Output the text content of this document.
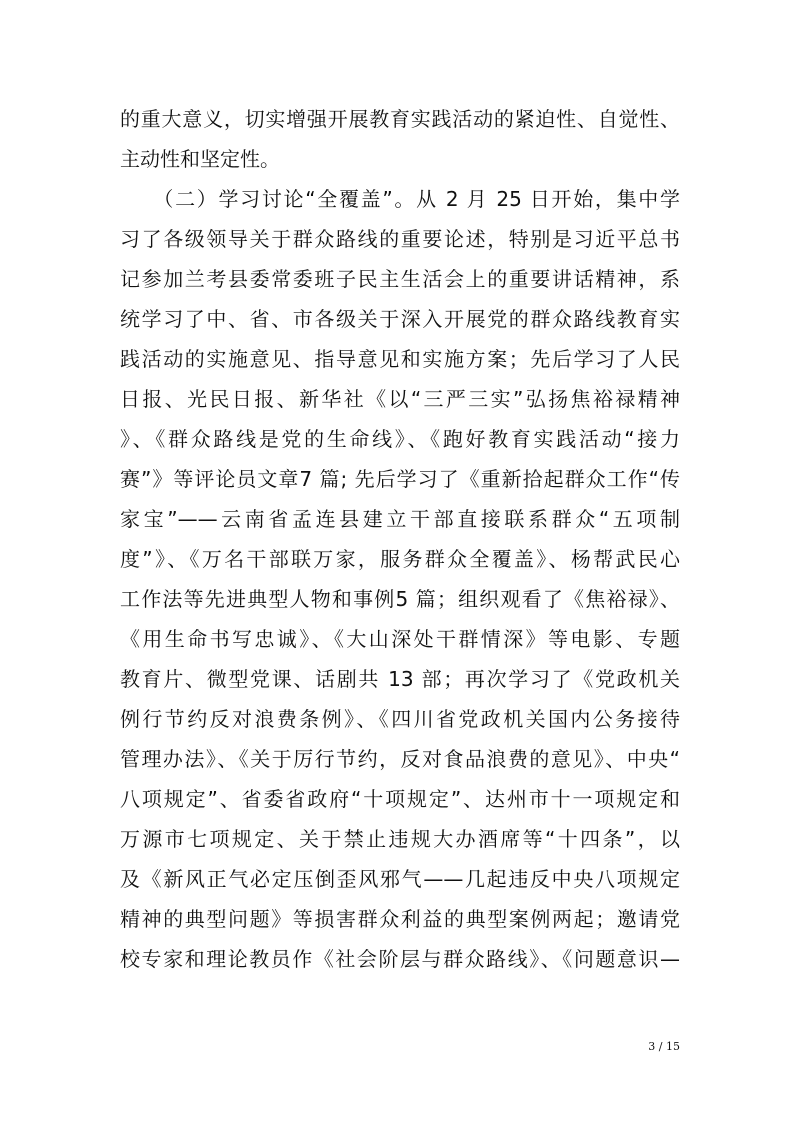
的重大意义，切实增强开展教育实践活动的紧迫性、自觉性、
主动性和坚定性。
　　（二）学习讨论“全覆盖”。从 2 月 25 日开始，集中学
习了各级领导关于群众路线的重要论述，特别是习近平总书
记参加兰考县委常委班子民主生活会上的重要讲话精神，系
统学习了中、省、市各级关于深入开展党的群众路线教育实
践活动的实施意见、指导意见和实施方案；先后学习了人民
日报、光民日报、新华社《以“三严三实”弘扬焦裕禄精神
》、《群众路线是党的生命线》、《跑好教育实践活动“接力
赛”》等评论员文章7 篇; 先后学习了《重新拾起群众工作“传
家宝”——云南省孟连县建立干部直接联系群众“五项制
度”》、《万名干部联万家，服务群众全覆盖》、杨帮武民心
工作法等先进典型人物和事例5 篇；组织观看了《焦裕禄》、
《用生命书写忠诚》、《大山深处干群情深》等电影、专题
教育片、微型党课、话剧共 13 部；再次学习了《党政机关
例行节约反对浪费条例》、《四川省党政机关国内公务接待
管理办法》、《关于厉行节约，反对食品浪费的意见》、中央“
八项规定”、省委省政府“十项规定”、达州市十一项规定和
万源市七项规定、关于禁止违规大办酒席等“十四条”，以
及《新风正气必定压倒歪风邪气——几起违反中央八项规定
精神的典型问题》等损害群众利益的典型案例两起；邀请党
校专家和理论教员作《社会阶层与群众路线》、《问题意识—
3 / 15
